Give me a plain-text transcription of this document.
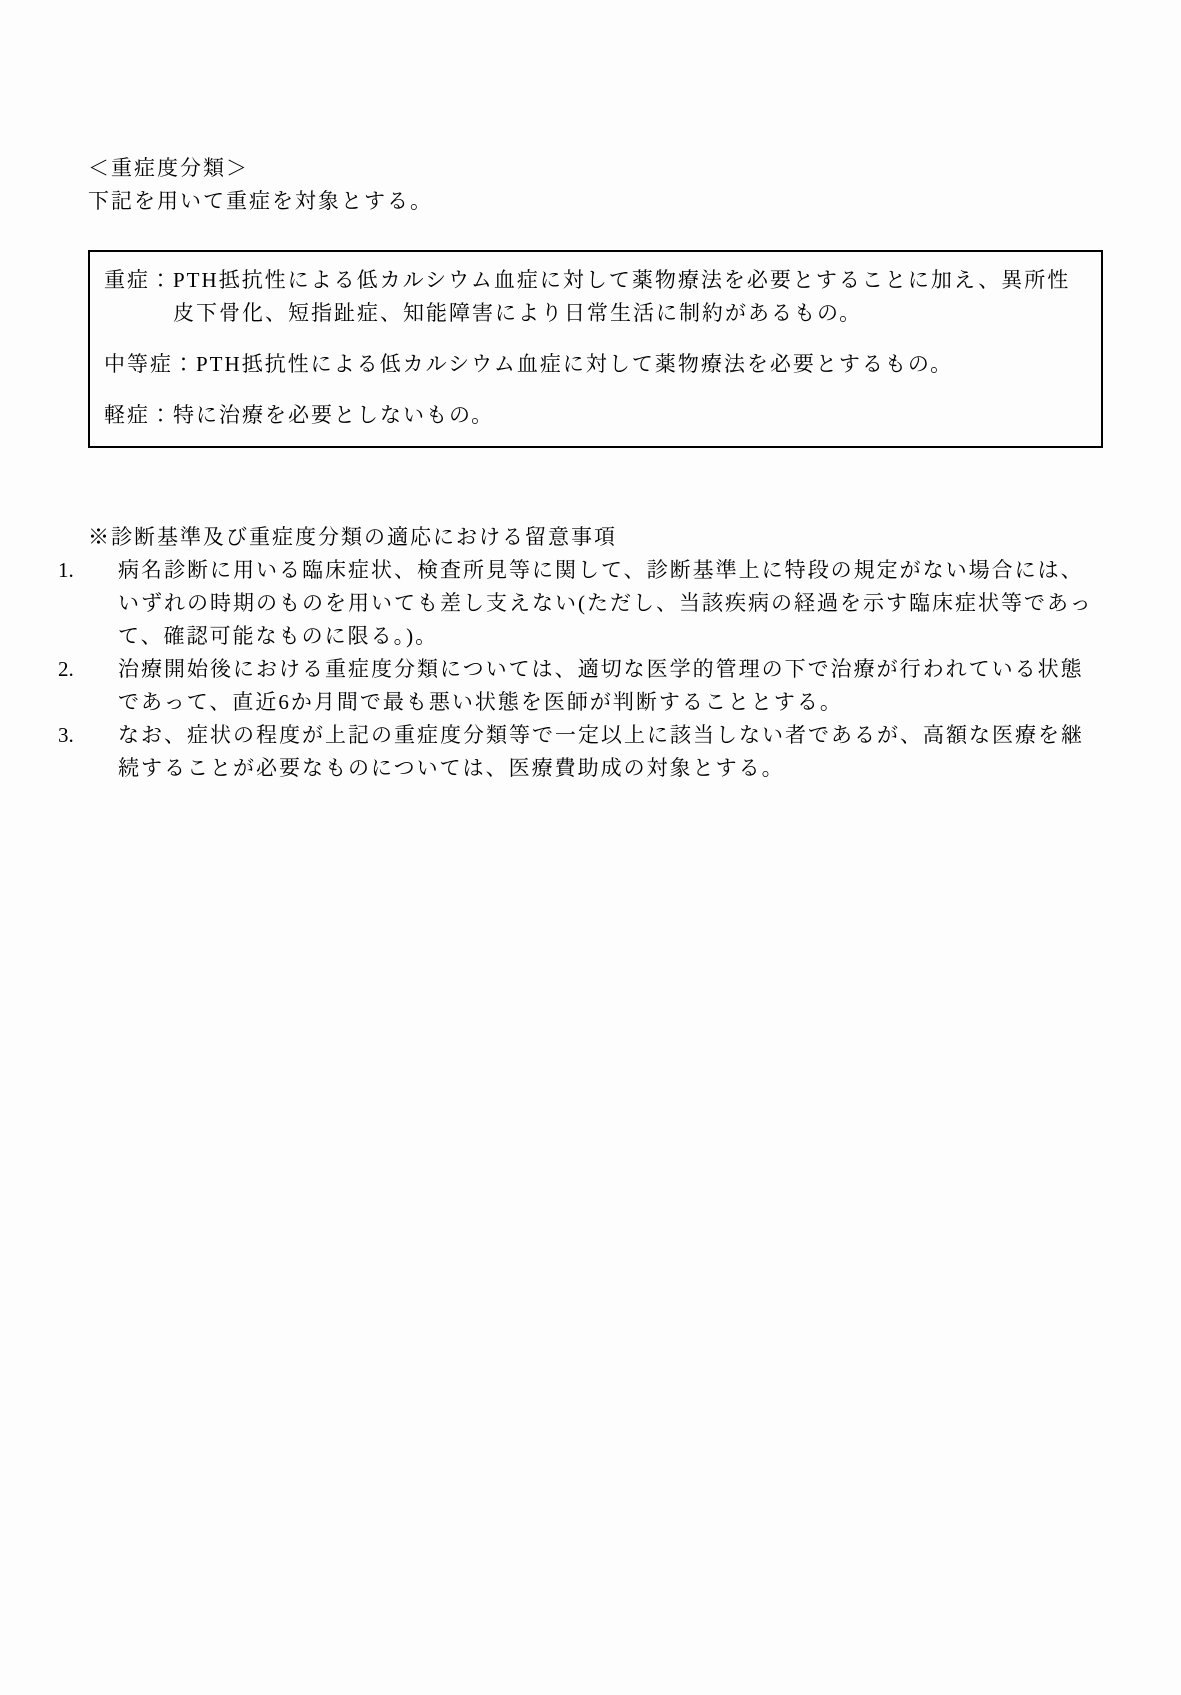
＜重症度分類＞
下記を用いて重症を対象とする。

重症：PTH抵抗性による低カルシウム血症に対して薬物療法を必要とすることに加え、異所性皮下骨化、短指趾症、知能障害により日常生活に制約があるもの。

中等症：PTH抵抗性による低カルシウム血症に対して薬物療法を必要とするもの。

軽症：特に治療を必要としないもの。

※診断基準及び重症度分類の適応における留意事項
1. 病名診断に用いる臨床症状、検査所見等に関して、診断基準上に特段の規定がない場合には、いずれの時期のものを用いても差し支えない(ただし、当該疾病の経過を示す臨床症状等であって、確認可能なものに限る。)。
2. 治療開始後における重症度分類については、適切な医学的管理の下で治療が行われている状態であって、直近6か月間で最も悪い状態を医師が判断することとする。
3. なお、症状の程度が上記の重症度分類等で一定以上に該当しない者であるが、高額な医療を継続することが必要なものについては、医療費助成の対象とする。
